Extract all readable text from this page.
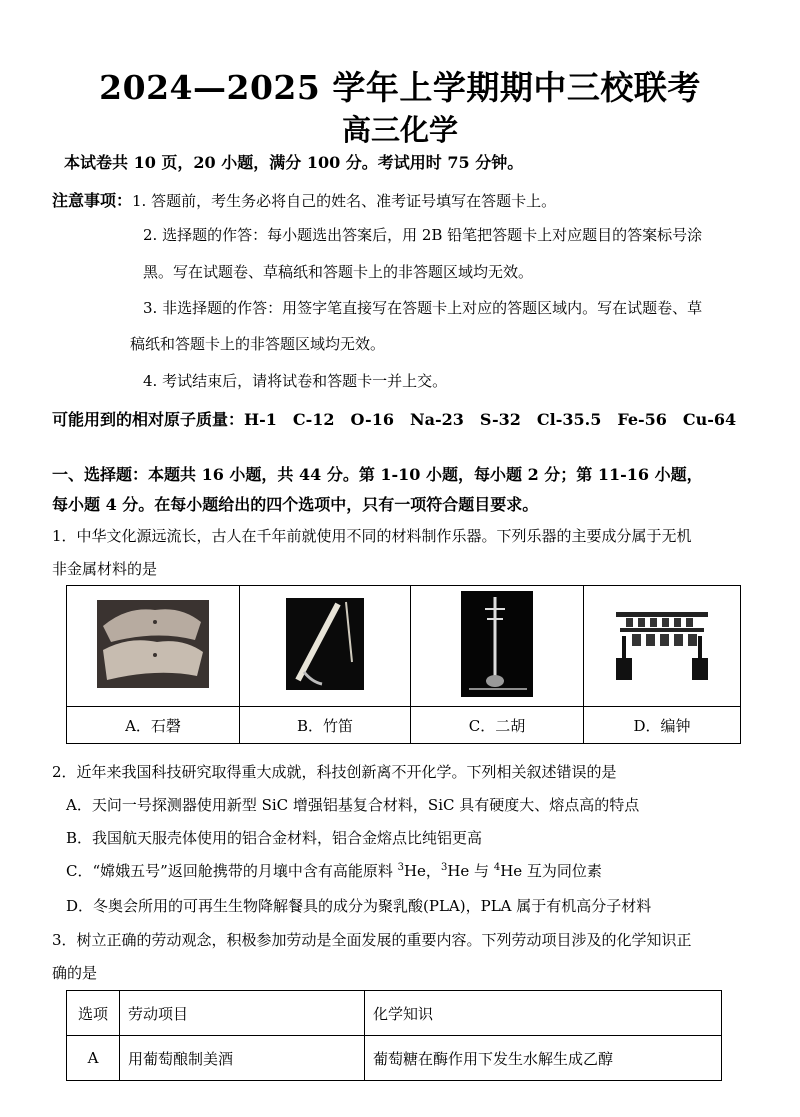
2024—2025 学年上学期期中三校联考
高三化学
本试卷共 10 页，20 小题，满分 100 分。考试用时 75 分钟。
注意事项：1. 答题前，考生务必将自己的姓名、准考证号填写在答题卡上。
2. 选择题的作答：每小题选出答案后，用 2B 铅笔把答题卡上对应题目的答案标号涂
黑。写在试题卷、草稿纸和答题卡上的非答题区域均无效。
3. 非选择题的作答：用签字笔直接写在答题卡上对应的答题区域内。写在试题卷、草
稿纸和答题卡上的非答题区域均无效。
4. 考试结束后，请将试卷和答题卡一并上交。
可能用到的相对原子质量：H-1　C-12　O-16　Na-23　S-32　Cl-35.5　Fe-56　Cu-64
一、选择题：本题共 16 小题，共 44 分。第 1-10 小题，每小题 2 分；第 11-16 小题，
每小题 4 分。在每小题给出的四个选项中，只有一项符合题目要求。
1．中华文化源远流长，古人在千年前就使用不同的材料制作乐器。下列乐器的主要成分属于无机
非金属材料的是

A．石磬	B．竹笛	C．二胡	D．编钟
2．近年来我国科技研究取得重大成就，科技创新离不开化学。下列相关叙述错误的是
A．天问一号探测器使用新型 SiC 增强铝基复合材料，SiC 具有硬度大、熔点高的特点
B．我国航天服壳体使用的铝合金材料，铝合金熔点比纯铝更高
C．“嫦娥五号”返回舱携带的月壤中含有高能原料 $^3$He，$^3$He 与 $^4$He 互为同位素
D．冬奥会所用的可再生生物降解餐具的成分为聚乳酸(PLA)，PLA 属于有机高分子材料
3．树立正确的劳动观念，积极参加劳动是全面发展的重要内容。下列劳动项目涉及的化学知识正
确的是
选项	劳动项目	化学知识
A	用葡萄酿制美酒	葡萄糖在酶作用下发生水解生成乙醇
